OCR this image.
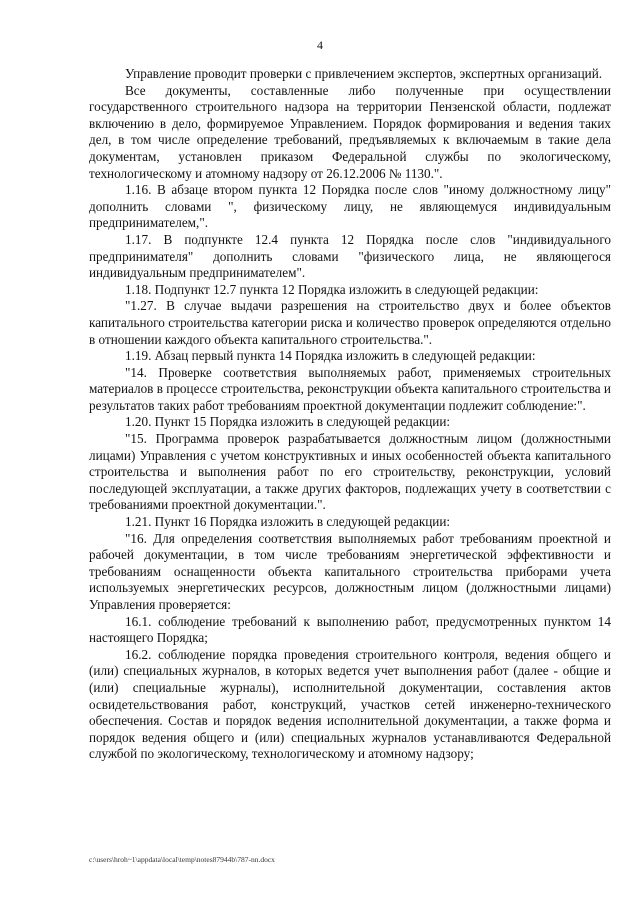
4

Управление проводит проверки с привлечением экспертов, экспертных организаций.

Все документы, составленные либо полученные при осуществлении государственного строительного надзора на территории Пензенской области, подлежат включению в дело, формируемое Управлением. Порядок формирования и ведения таких дел, в том числе определение требований, предъявляемых к включаемым в такие дела документам, установлен приказом Федеральной службы по экологическому, технологическому и атомному надзору от 26.12.2006 № 1130.".

1.16. В абзаце втором пункта 12 Порядка после слов "иному должностному лицу" дополнить словами ", физическому лицу, не являющемуся индивидуальным предпринимателем,".

1.17. В подпункте 12.4 пункта 12 Порядка после слов "индивидуального предпринимателя" дополнить словами "физического лица, не являющегося индивидуальным предпринимателем".

1.18. Подпункт 12.7 пункта 12 Порядка изложить в следующей редакции:

"1.27. В случае выдачи разрешения на строительство двух и более объектов капитального строительства категории риска и количество проверок определяются отдельно в отношении каждого объекта капитального строительства.".

1.19. Абзац первый пункта 14 Порядка изложить в следующей редакции:

"14. Проверке соответствия выполняемых работ, применяемых строительных материалов в процессе строительства, реконструкции объекта капитального строительства и результатов таких работ требованиям проектной документации подлежит соблюдение:".

1.20. Пункт 15 Порядка изложить в следующей редакции:

"15. Программа проверок разрабатывается должностным лицом (должностными лицами) Управления с учетом конструктивных и иных особенностей объекта капитального строительства и выполнения работ по его строительству, реконструкции, условий последующей эксплуатации, а также других факторов, подлежащих учету в соответствии с требованиями проектной документации.".

1.21. Пункт 16 Порядка изложить в следующей редакции:

"16. Для определения соответствия выполняемых работ требованиям проектной и рабочей документации, в том числе требованиям энергетической эффективности и требованиям оснащенности объекта капитального строительства приборами учета используемых энергетических ресурсов, должностным лицом (должностными лицами) Управления проверяется:

16.1. соблюдение требований к выполнению работ, предусмотренных пунктом 14 настоящего Порядка;

16.2. соблюдение порядка проведения строительного контроля, ведения общего и (или) специальных журналов, в которых ведется учет выполнения работ (далее - общие и (или) специальные журналы), исполнительной документации, составления актов освидетельствования работ, конструкций, участков сетей инженерно-технического обеспечения. Состав и порядок ведения исполнительной документации, а также форма и порядок ведения общего и (или) специальных журналов устанавливаются Федеральной службой по экологическому, технологическому и атомному надзору;

c:\users\hroh~1\appdata\local\temp\notes87944b\787-nn.docx
